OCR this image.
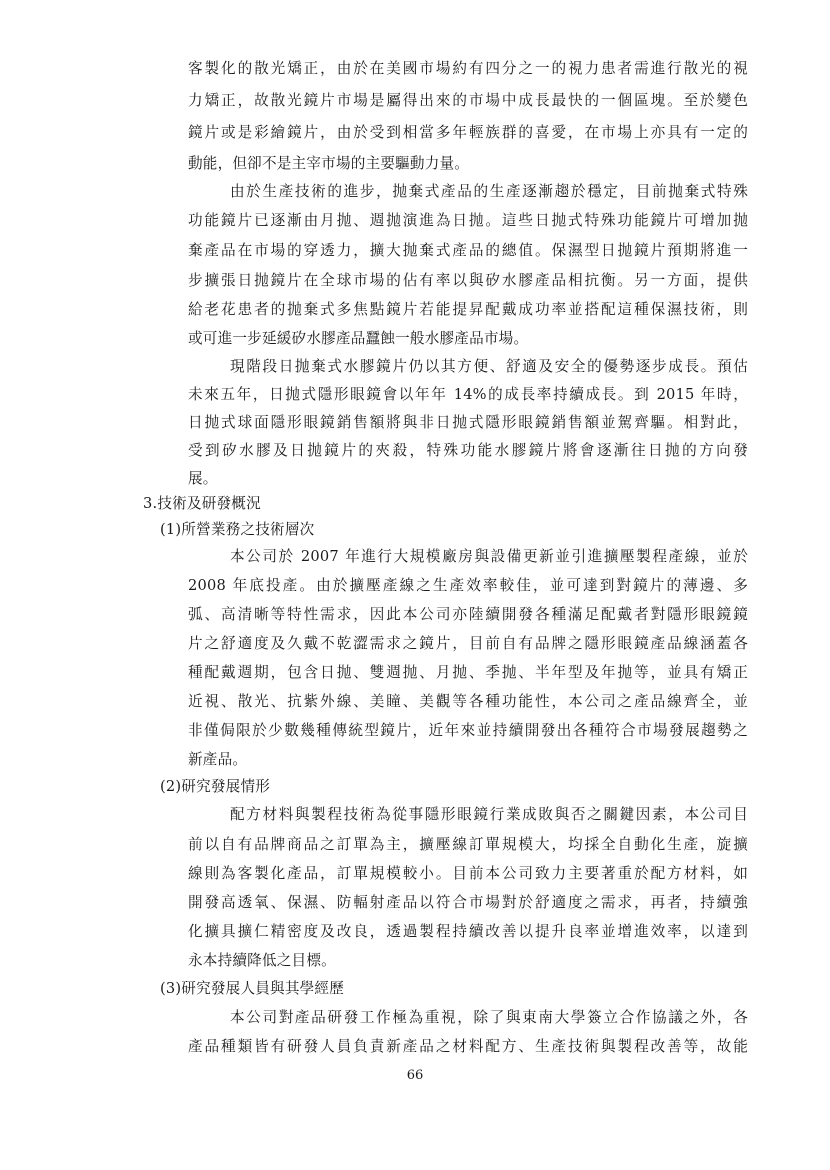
客製化的散光矯正，由於在美國市場約有四分之一的視力患者需進行散光的視
力矯正，故散光鏡片市場是屬得出來的市場中成長最快的一個區塊。至於變色
鏡片或是彩繪鏡片，由於受到相當多年輕族群的喜愛，在市場上亦具有一定的
動能，但卻不是主宰市場的主要驅動力量。
由於生產技術的進步，抛棄式產品的生產逐漸趨於穩定，目前抛棄式特殊
功能鏡片已逐漸由月抛、週抛演進為日抛。這些日抛式特殊功能鏡片可增加抛
棄產品在市場的穿透力，擴大抛棄式產品的總值。保濕型日抛鏡片預期將進一
步擴張日抛鏡片在全球市場的佔有率以與矽水膠產品相抗衡。另一方面，提供
給老花患者的抛棄式多焦點鏡片若能提昇配戴成功率並搭配這種保濕技術，則
或可進一步延緩矽水膠產品蠶蝕一般水膠產品市場。
現階段日抛棄式水膠鏡片仍以其方便、舒適及安全的優勢逐步成長。預估
未來五年，日抛式隱形眼鏡會以年年 14%的成長率持續成長。到 2015 年時，
日抛式球面隱形眼鏡銷售額將與非日抛式隱形眼鏡銷售額並駕齊驅。相對此，
受到矽水膠及日抛鏡片的夾殺，特殊功能水膠鏡片將會逐漸往日抛的方向發
展。
3.技術及研發概況
(1)所營業務之技術層次
本公司於 2007 年進行大規模廠房與設備更新並引進擴壓製程產線，並於
2008 年底投產。由於擴壓產線之生產效率較佳，並可達到對鏡片的薄邊、多
弧、高清晰等特性需求，因此本公司亦陸續開發各種滿足配戴者對隱形眼鏡鏡
片之舒適度及久戴不乾澀需求之鏡片，目前自有品牌之隱形眼鏡產品線涵蓋各
種配戴週期，包含日抛、雙週抛、月抛、季抛、半年型及年抛等，並具有矯正
近視、散光、抗紫外線、美瞳、美觀等各種功能性，本公司之產品線齊全，並
非僅侷限於少數幾種傳統型鏡片，近年來並持續開發出各種符合市場發展趨勢之
新產品。
(2)研究發展情形
配方材料與製程技術為從事隱形眼鏡行業成敗與否之關鍵因素，本公司目
前以自有品牌商品之訂單為主，擴壓線訂單規模大，均採全自動化生產，旋擴
線則為客製化產品，訂單規模較小。目前本公司致力主要著重於配方材料，如
開發高透氧、保濕、防輻射產品以符合市場對於舒適度之需求，再者，持續強
化擴具擴仁精密度及改良，透過製程持續改善以提升良率並增進效率，以達到
永本持續降低之目標。
(3)研究發展人員與其學經歷
本公司對產品研發工作極為重視，除了與東南大學簽立合作協議之外，各
產品種類皆有研發人員負責新產品之材料配方、生產技術與製程改善等，故能
66
